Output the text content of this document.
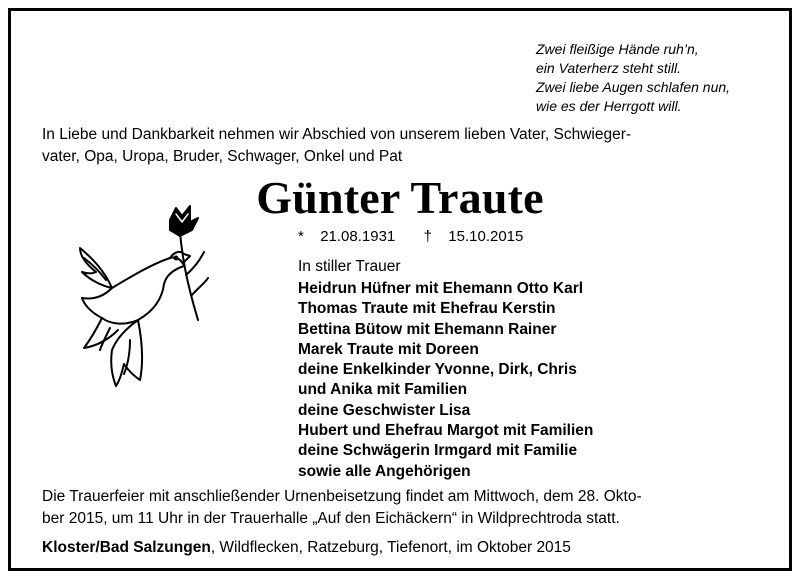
Zwei fleißige Hände ruh’n,
ein Vaterherz steht still.
Zwei liebe Augen schlafen nun,
wie es der Herrgott will.
In Liebe und Dankbarkeit nehmen wir Abschied von unserem lieben Vater, Schwieger-
vater, Opa, Uropa, Bruder, Schwager, Onkel und Pat
Günter Traute
* 21.08.1931 † 15.10.2015
In stiller Trauer
Heidrun Hüfner mit Ehemann Otto Karl
Thomas Traute mit Ehefrau Kerstin
Bettina Bütow mit Ehemann Rainer
Marek Traute mit Doreen
deine Enkelkinder Yvonne, Dirk, Chris
und Anika mit Familien
deine Geschwister Lisa
Hubert und Ehefrau Margot mit Familien
deine Schwägerin Irmgard mit Familie
sowie alle Angehörigen
Die Trauerfeier mit anschließender Urnenbeisetzung findet am Mittwoch, dem 28. Okto-
ber 2015, um 11 Uhr in der Trauerhalle „Auf den Eichäckern“ in Wildprechtroda statt.
Kloster/Bad Salzungen, Wildflecken, Ratzeburg, Tiefenort, im Oktober 2015
